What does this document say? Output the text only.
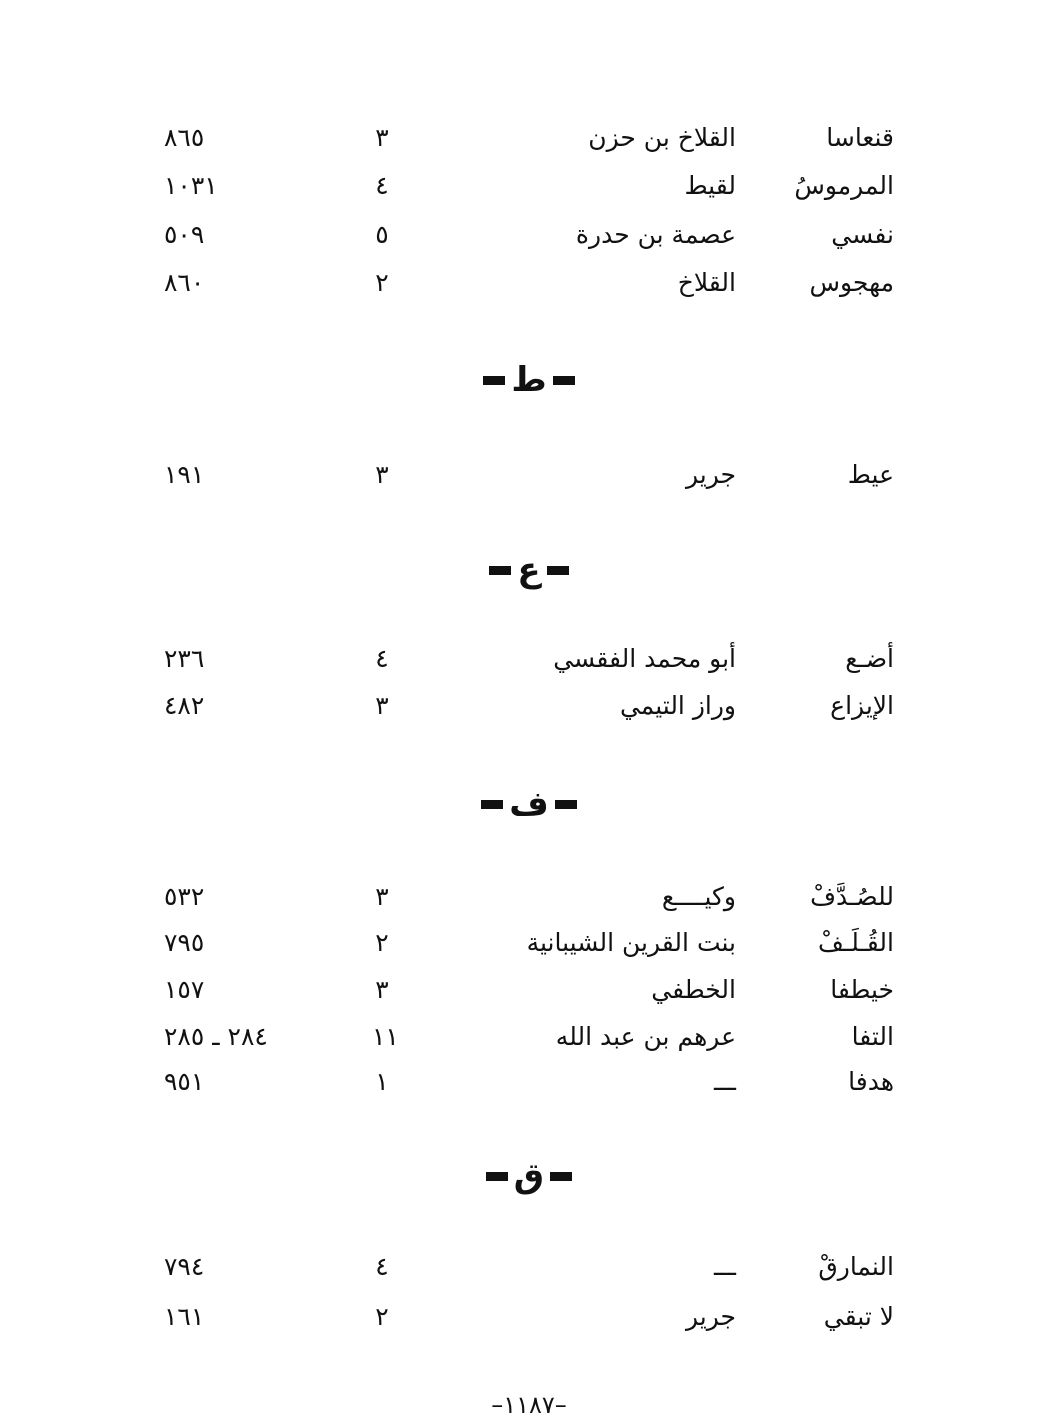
قنعاسا
القلاخ بن حزن
٣
٨٦٥
المرموسُ
لقيط
٤
١٠٣١
نفسي
عصمة بن حدرة
٥
٥٠٩
مهجوس
القلاخ
٢
٨٦٠
ط
عيط
جرير
٣
١٩١
ع
أضـع
أبو محمد الفقسي
٤
٢٣٦
الإيزاع
وراز التيمي
٣
٤٨٢
ف
للصُـدَّفْ
وكيــــع
٣
٥٣٢
القُـلَـفْ
بنت القرين الشيبانية
٢
٧٩٥
خيطفا
الخطفي
٣
١٥٧
التفا
عرهم بن عبد الله
١١
٢٨٤ ـ ٢٨٥
هدفا
ـــ
١
٩٥١
ق
النمارقْ
ـــ
٤
٧٩٤
لا تبقي
جرير
٢
١٦١
–١١٨٧–
